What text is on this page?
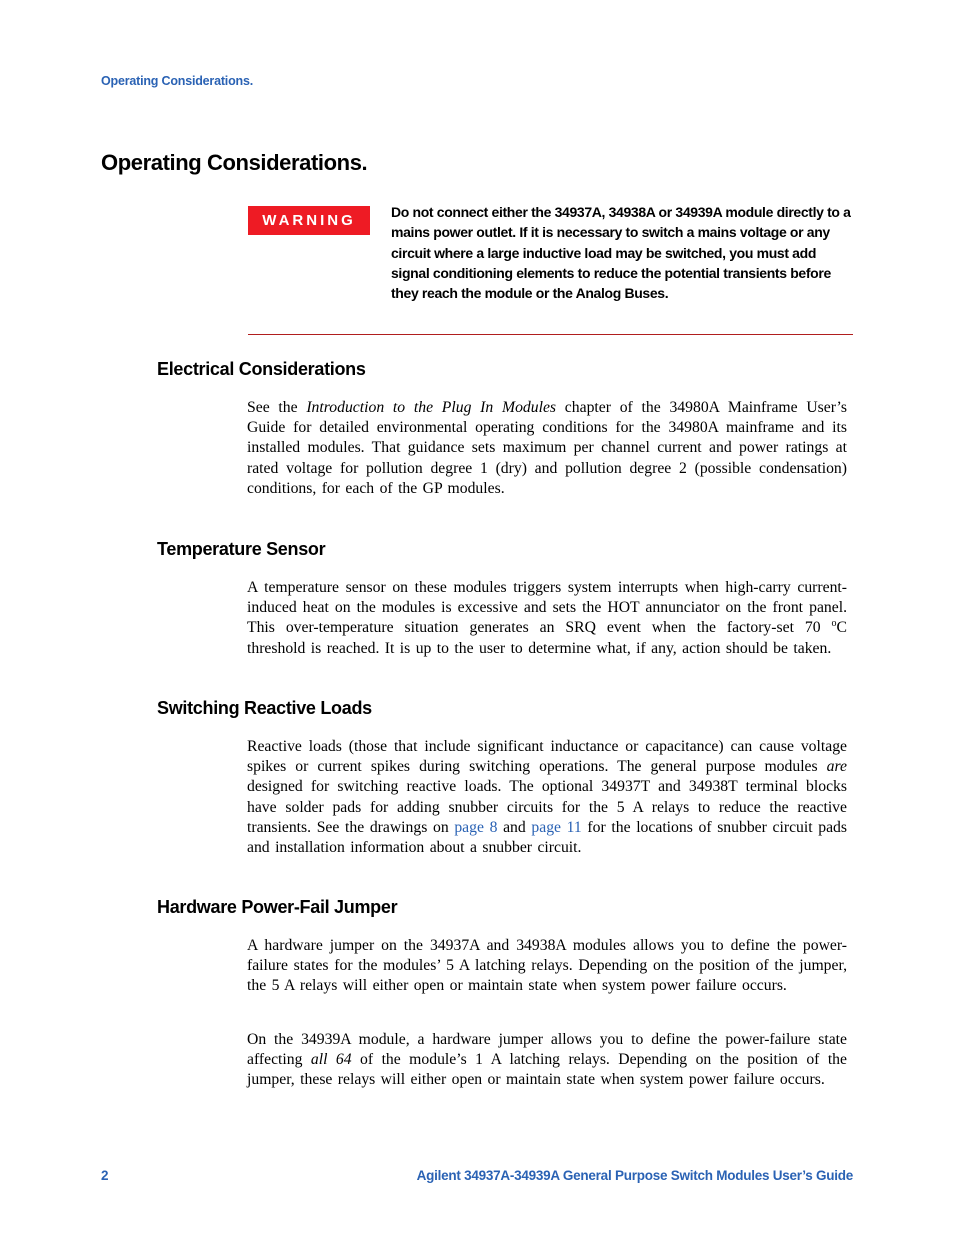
Operating Considerations.
Operating Considerations.
WARNING	Do not connect either the 34937A, 34938A or 34939A module directly to a mains power outlet. If it is necessary to switch a mains voltage or any circuit where a large inductive load may be switched, you must add signal conditioning elements to reduce the potential transients before they reach the module or the Analog Buses.
Electrical Considerations

See the Introduction to the Plug In Modules chapter of the 34980A Mainframe User’s Guide for detailed environmental operating conditions for the 34980A mainframe and its installed modules. That guidance sets maximum per channel current and power ratings at rated voltage for pollution degree 1 (dry) and pollution degree 2 (possible condensation) conditions, for each of the GP modules.

Temperature Sensor

A temperature sensor on these modules triggers system interrupts when high-carry current-induced heat on the modules is excessive and sets the HOT annunciator on the front panel. This over-temperature situation generates an SRQ event when the factory-set 70 $^o$C threshold is reached. It is up to the user to determine what, if any, action should be taken.

Switching Reactive Loads

Reactive loads (those that include significant inductance or capacitance) can cause voltage spikes or current spikes during switching operations. The general purpose modules are designed for switching reactive loads. The optional 34937T and 34938T terminal blocks have solder pads for adding snubber circuits for the 5 A relays to reduce the reactive transients. See the drawings on page 8 and page 11 for the locations of snubber circuit pads and installation information about a snubber circuit.

Hardware Power-Fail Jumper

A hardware jumper on the 34937A and 34938A modules allows you to define the power-failure states for the modules’ 5 A latching relays. Depending on the position of the jumper, the 5 A relays will either open or maintain state when system power failure occurs.

On the 34939A module, a hardware jumper allows you to define the power-failure state affecting all 64 of the module’s 1 A latching relays. Depending on the position of the jumper, these relays will either open or maintain state when system power failure occurs.

2	Agilent 34937A-34939A General Purpose Switch Modules User’s Guide
